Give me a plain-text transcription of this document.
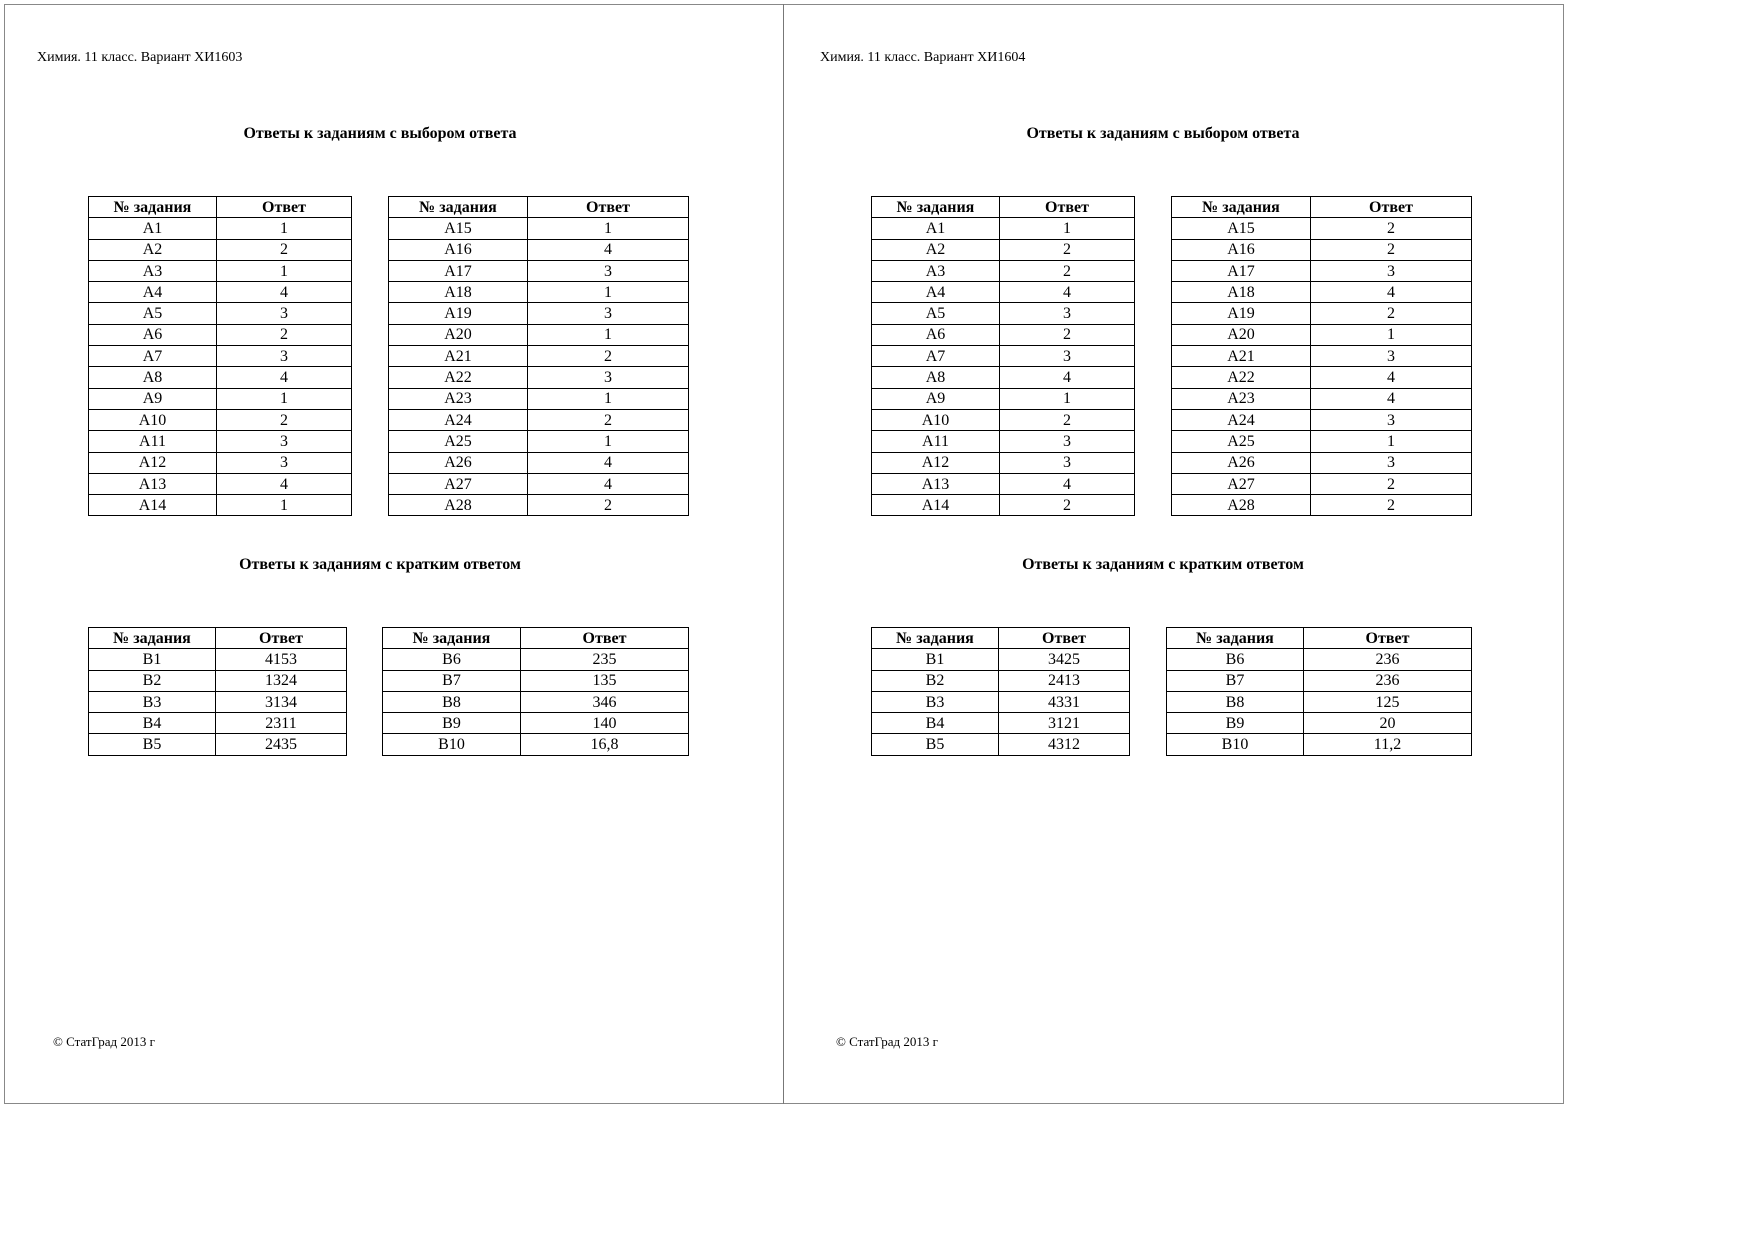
Химия. 11 класс. Вариант ХИ1603
Ответы к заданиям с выбором ответа
№ задания	Ответ
А1	1
А2	2
А3	1
А4	4
А5	3
А6	2
А7	3
А8	4
А9	1
А10	2
А11	3
А12	3
А13	4
А14	1
№ задания	Ответ
А15	1
А16	4
А17	3
А18	1
А19	3
А20	1
А21	2
А22	3
А23	1
А24	2
А25	1
А26	4
А27	4
А28	2
Ответы к заданиям с кратким ответом
№ задания	Ответ
В1	4153
В2	1324
В3	3134
В4	2311
В5	2435
№ задания	Ответ
В6	235
В7	135
В8	346
В9	140
В10	16,8
© СтатГрад 2013 г
Химия. 11 класс. Вариант ХИ1604
Ответы к заданиям с выбором ответа
№ задания	Ответ
А1	1
А2	2
А3	2
А4	4
А5	3
А6	2
А7	3
А8	4
А9	1
А10	2
А11	3
А12	3
А13	4
А14	2
№ задания	Ответ
А15	2
А16	2
А17	3
А18	4
А19	2
А20	1
А21	3
А22	4
А23	4
А24	3
А25	1
А26	3
А27	2
А28	2
Ответы к заданиям с кратким ответом
№ задания	Ответ
В1	3425
В2	2413
В3	4331
В4	3121
В5	4312
№ задания	Ответ
В6	236
В7	236
В8	125
В9	20
В10	11,2
© СтатГрад 2013 г
